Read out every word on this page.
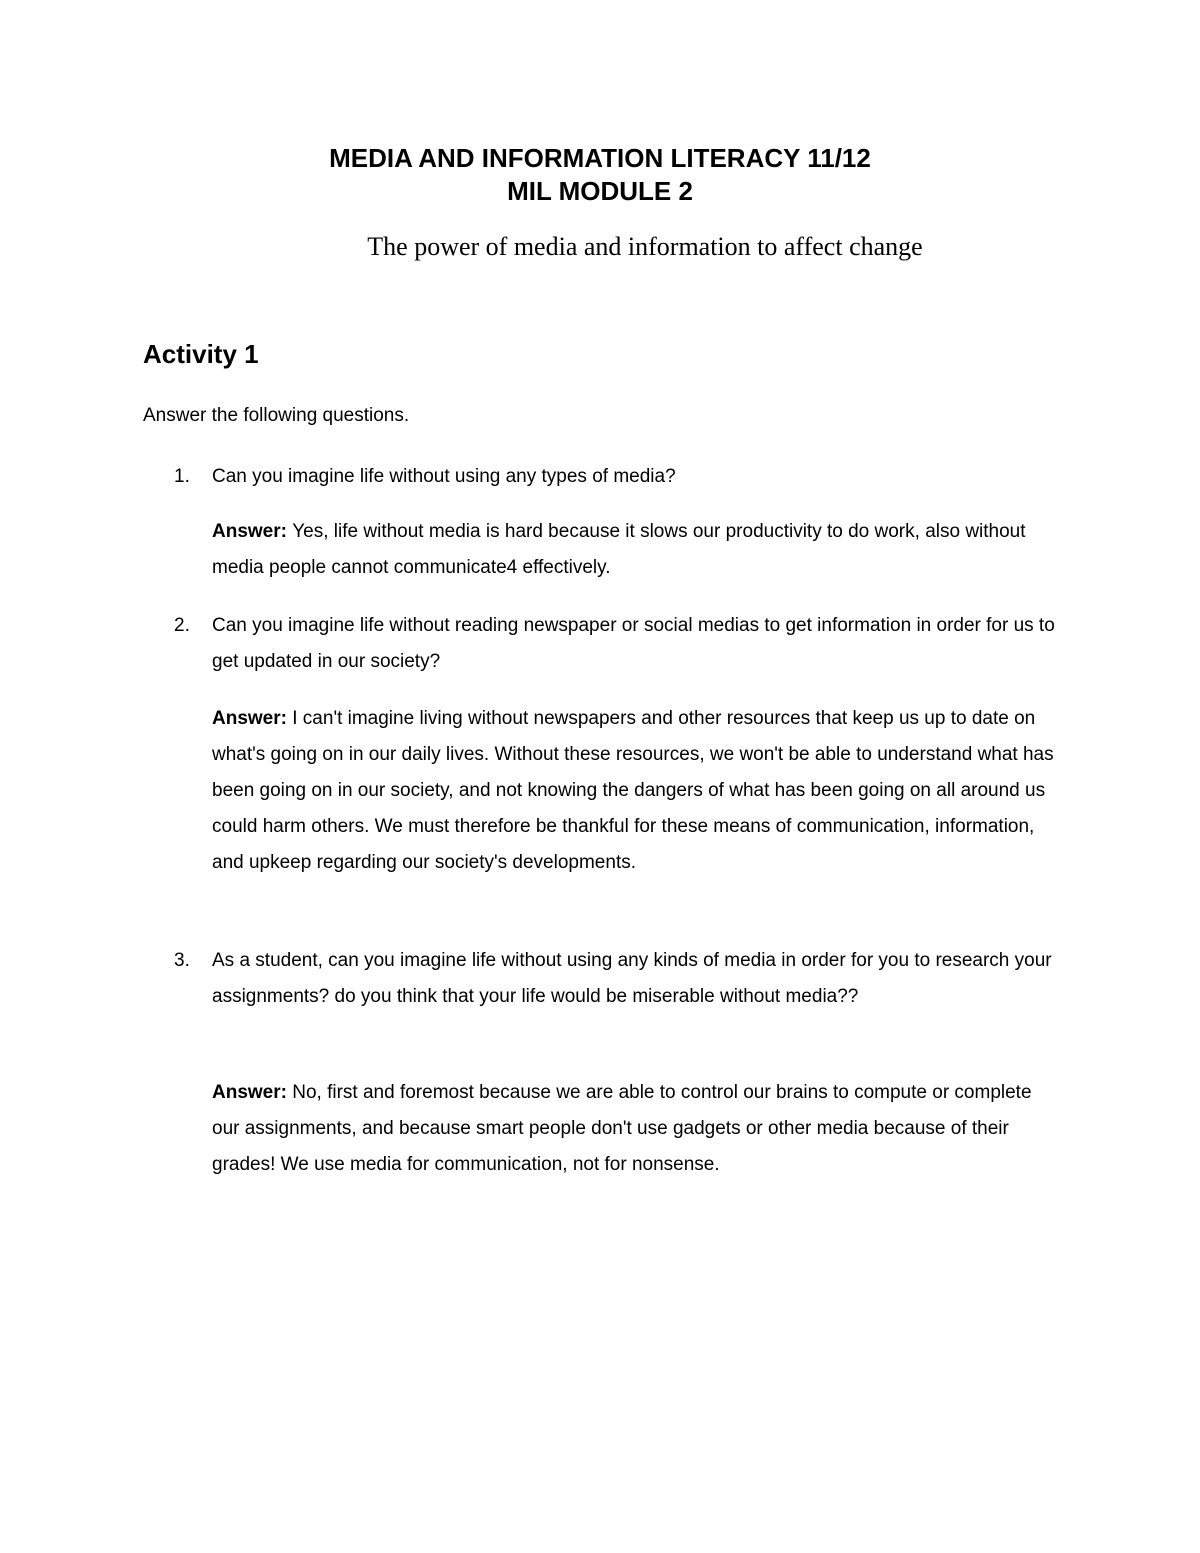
MEDIA AND INFORMATION LITERACY 11/12
MIL MODULE 2
The power of media and information to affect change
Activity 1
Answer the following questions.
1. Can you imagine life without using any types of media?
Answer: Yes, life without media is hard because it slows our productivity to do work, also without media people cannot communicate4 effectively.
2. Can you imagine life without reading newspaper or social medias to get information in order for us to get updated in our society?
Answer: I can't imagine living without newspapers and other resources that keep us up to date on what's going on in our daily lives. Without these resources, we won't be able to understand what has been going on in our society, and not knowing the dangers of what has been going on all around us could harm others. We must therefore be thankful for these means of communication, information, and upkeep regarding our society's developments.
3. As a student, can you imagine life without using any kinds of media in order for you to research your assignments? do you think that your life would be miserable without media??
Answer: No, first and foremost because we are able to control our brains to compute or complete our assignments, and because smart people don't use gadgets or other media because of their grades! We use media for communication, not for nonsense.
